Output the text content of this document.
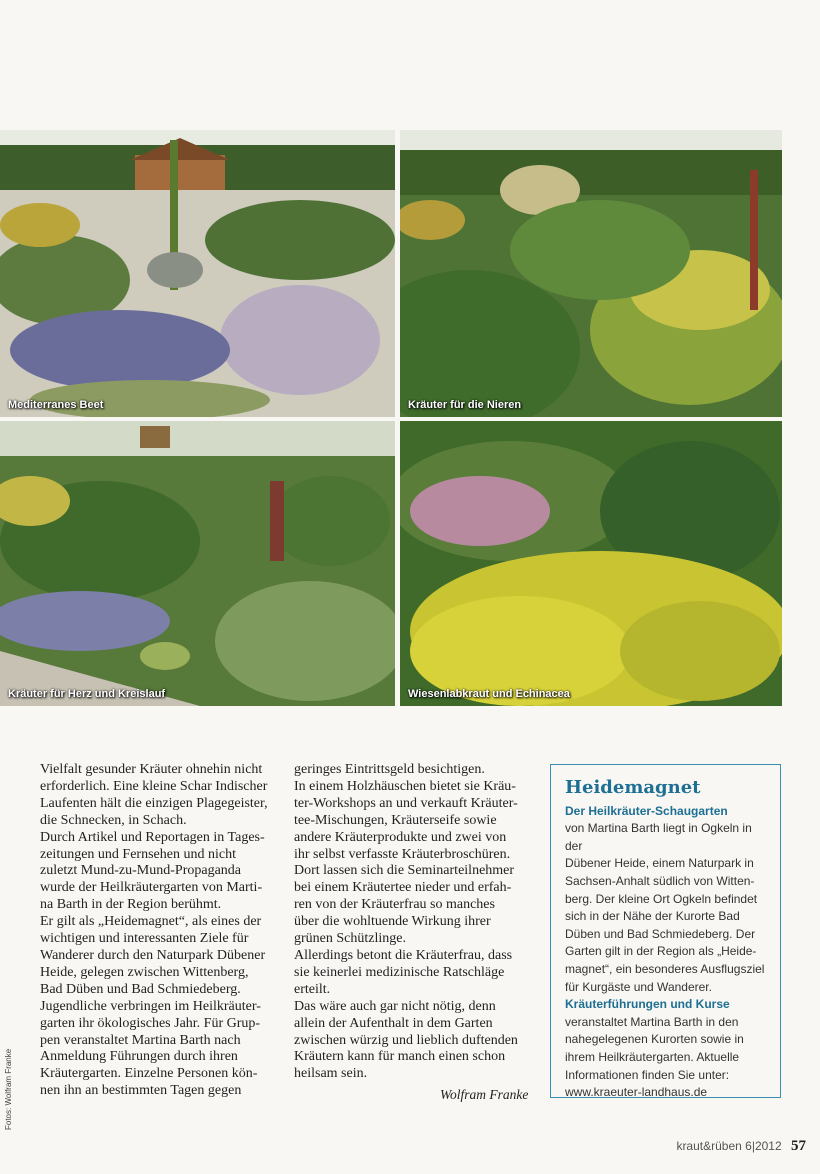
Mediterranes Beet	Kräuter für die Nieren
Kräuter für Herz und Kreislauf	Wiesenlabkraut und Echinacea

Vielfalt gesunder Kräuter ohnehin nicht

erforderlich. Eine kleine Schar Indischer

Laufenten hält die einzigen Plagegeister,

die Schnecken, in Schach.

Durch Artikel und Reportagen in Tages-

zeitungen und Fernsehen und nicht

zuletzt Mund-zu-Mund-Propaganda

wurde der Heilkräutergarten von Marti-

na Barth in der Region berühmt.

Er gilt als „Heidemagnet“, als eines der

wichtigen und interessanten Ziele für

Wanderer durch den Naturpark Dübener

Heide, gelegen zwischen Wittenberg,

Bad Düben und Bad Schmiedeberg.

Jugendliche verbringen im Heilkräuter-

garten ihr ökologisches Jahr. Für Grup-

pen veranstaltet Martina Barth nach

Anmeldung Führungen durch ihren

Kräutergarten. Einzelne Personen kön-

nen ihn an bestimmten Tagen gegen

geringes Eintrittsgeld besichtigen.

In einem Holzhäuschen bietet sie Kräu-

ter-Workshops an und verkauft Kräuter-

tee-Mischungen, Kräuterseife sowie

andere Kräuterprodukte und zwei von

ihr selbst verfasste Kräuterbroschüren.

Dort lassen sich die Seminarteilnehmer

bei einem Kräutertee nieder und erfah-

ren von der Kräuterfrau so manches

über die wohltuende Wirkung ihrer

grünen Schützlinge.

Allerdings betont die Kräuterfrau, dass

sie keinerlei medizinische Ratschläge

erteilt.

Das wäre auch gar nicht nötig, denn

allein der Aufenthalt in dem Garten

zwischen würzig und lieblich duftenden

Kräutern kann für manch einen schon

heilsam sein.

Wolfram Franke
Fotos: Wolfram Franke
Heidemagnet
Der Heilkräuter-Schaugarten

von Martina Barth liegt in Ogkeln in der

Dübener Heide, einem Naturpark in

Sachsen-Anhalt südlich von Witten-

berg. Der kleine Ort Ogkeln befindet

sich in der Nähe der Kurorte Bad

Düben und Bad Schmiedeberg. Der

Garten gilt in der Region als „Heide-

magnet“, ein besonderes Ausflugsziel

für Kurgäste und Wanderer.

Kräuterführungen und Kurse

veranstaltet Martina Barth in den

nahegelegenen Kurorten sowie in

ihrem Heilkräutergarten. Aktuelle

Informationen finden Sie unter:

www.kraeuter-landhaus.de

kraut&rüben 6|2012 57
